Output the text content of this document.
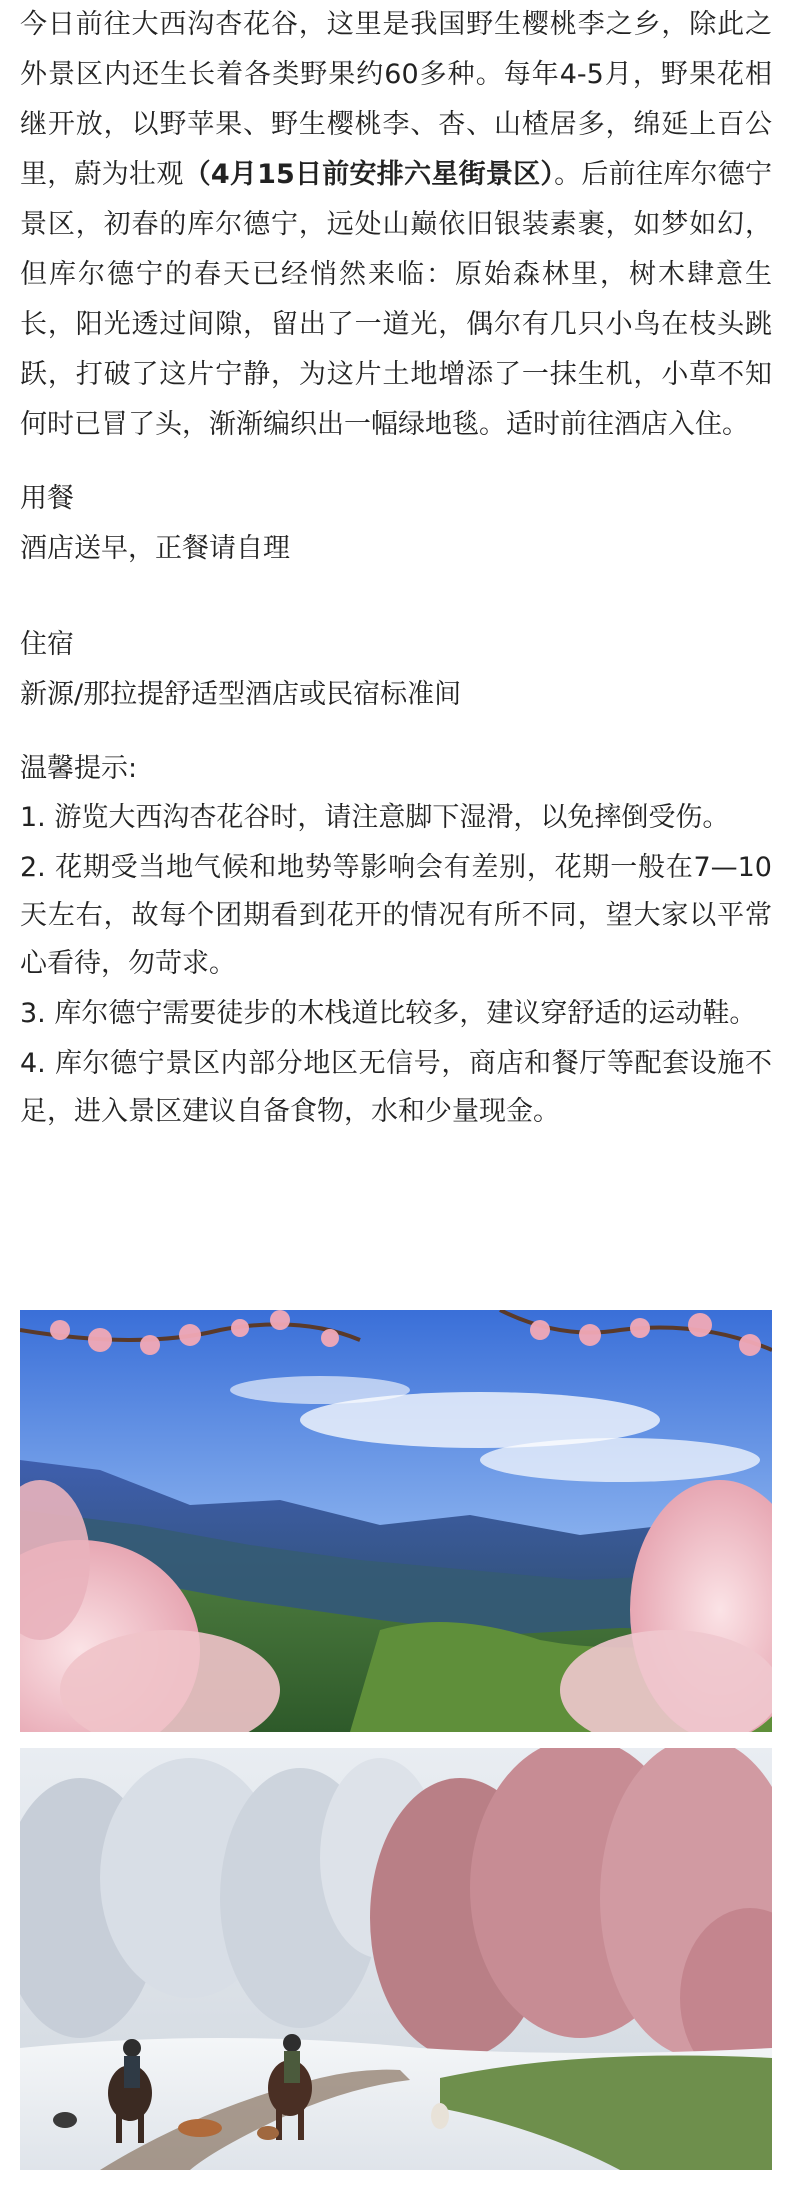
今日前往大西沟杏花谷，这里是我国野生樱桃李之乡，除此之外景区内还生长着各类野果约60多种。每年4-5月，野果花相继开放，以野苹果、野生樱桃李、杏、山楂居多，绵延上百公里，蔚为壮观（4月15日前安排六星街景区）。后前往库尔德宁景区，初春的库尔德宁，远处山巅依旧银装素裹，如梦如幻，但库尔德宁的春天已经悄然来临：原始森林里，树木肆意生长，阳光透过间隙，留出了一道光，偶尔有几只小鸟在枝头跳跃，打破了这片宁静，为这片土地增添了一抹生机，小草不知何时已冒了头，渐渐编织出一幅绿地毯。适时前往酒店入住。

用餐

酒店送早，正餐请自理

住宿

新源/那拉提舒适型酒店或民宿标准间

温馨提示:

1. 游览大西沟杏花谷时，请注意脚下湿滑，以免摔倒受伤。

2. 花期受当地气候和地势等影响会有差别，花期一般在7—10天左右，故每个团期看到花开的情况有所不同，望大家以平常心看待，勿苛求。

3. 库尔德宁需要徒步的木栈道比较多，建议穿舒适的运动鞋。

4. 库尔德宁景区内部分地区无信号，商店和餐厅等配套设施不足，进入景区建议自备食物，水和少量现金。
